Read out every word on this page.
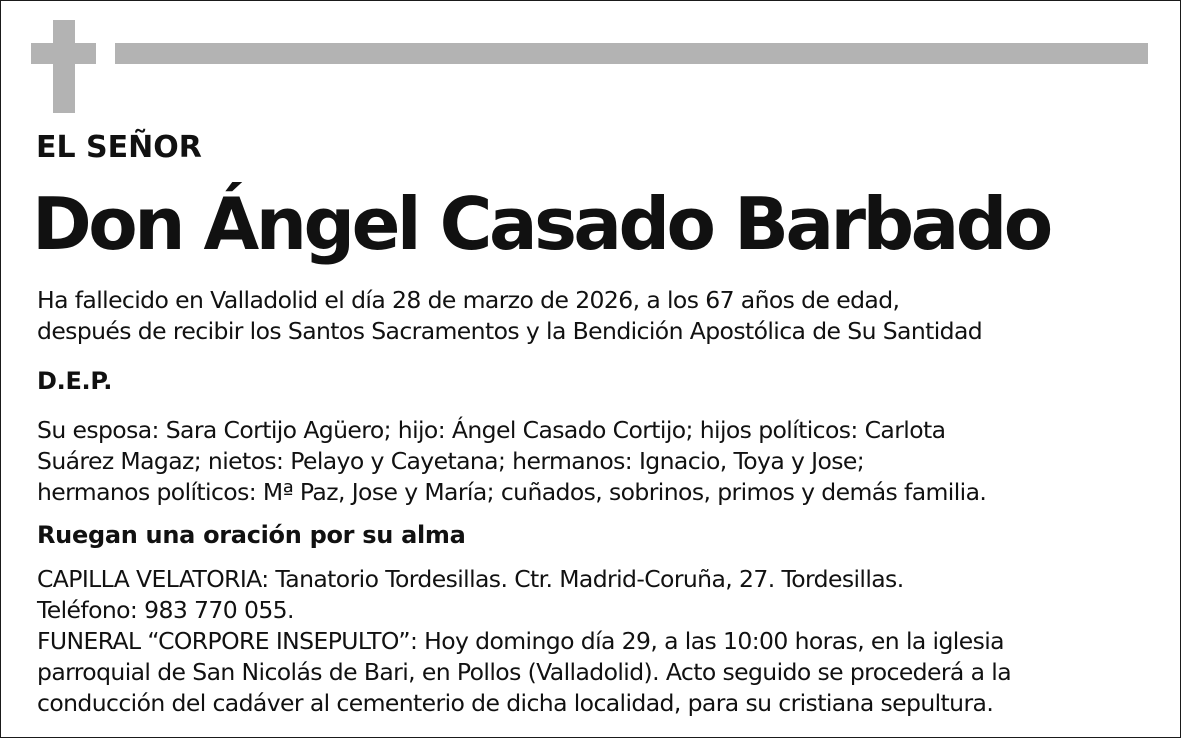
EL SEÑOR
Don Ángel Casado Barbado
Ha fallecido en Valladolid el día 28 de marzo de 2026, a los 67 años de edad,
después de recibir los Santos Sacramentos y la Bendición Apostólica de Su Santidad
D.E.P.
Su esposa: Sara Cortijo Agüero; hijo: Ángel Casado Cortijo; hijos políticos: Carlota
Suárez Magaz; nietos: Pelayo y Cayetana; hermanos: Ignacio, Toya y Jose;
hermanos políticos: Mª Paz, Jose y María; cuñados, sobrinos, primos y demás familia.
Ruegan una oración por su alma
CAPILLA VELATORIA: Tanatorio Tordesillas. Ctr. Madrid-Coruña, 27. Tordesillas.
Teléfono: 983 770 055.
FUNERAL “CORPORE INSEPULTO”: Hoy domingo día 29, a las 10:00 horas, en la iglesia
parroquial de San Nicolás de Bari, en Pollos (Valladolid). Acto seguido se procederá a la
conducción del cadáver al cementerio de dicha localidad, para su cristiana sepultura.
